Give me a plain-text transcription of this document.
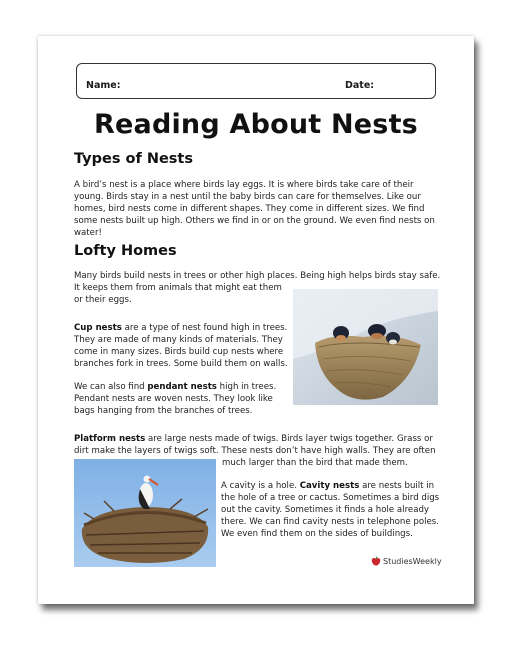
Name:	Date:
Reading About Nests
Types of Nests
A bird’s nest is a place where birds lay eggs. It is where birds take care of their
young. Birds stay in a nest until the baby birds can care for themselves. Like our
homes, bird nests come in different shapes. They come in different sizes. We find
some nests built up high. Others we find in or on the ground. We even find nests on
water!
Lofty Homes
Many birds build nests in trees or other high places. Being high helps birds stay safe.
It keeps them from animals that might eat them
or their eggs.
Cup nests are a type of nest found high in trees.
They are made of many kinds of materials. They
come in many sizes. Birds build cup nests where
branches fork in trees. Some build them on walls.
We can also find pendant nests high in trees.
Pendant nests are woven nests. They look like
bags hanging from the branches of trees.
Platform nests are large nests made of twigs. Birds layer twigs together. Grass or
dirt make the layers of twigs soft. These nests don’t have high walls. They are often
much larger than the bird that made them.
A cavity is a hole. Cavity nests are nests built in
the hole of a tree or cactus. Sometimes a bird digs
out the cavity. Sometimes it finds a hole already
there. We can find cavity nests in telephone poles.
We even find them on the sides of buildings.
StudiesWeekly
